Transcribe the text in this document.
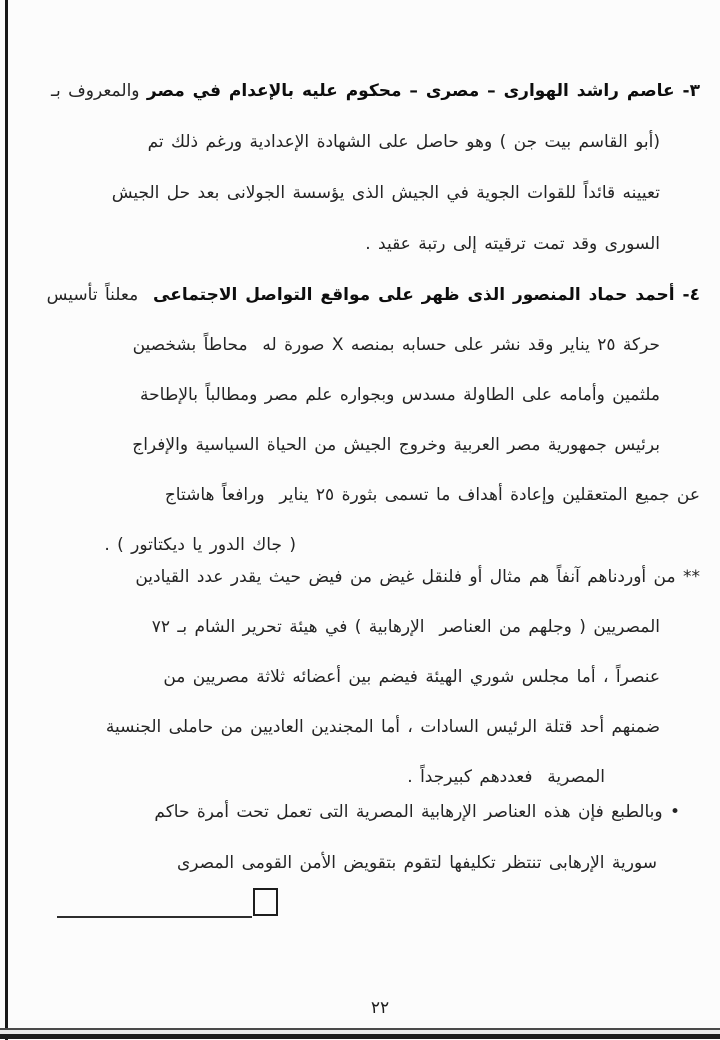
٣- عاصم راشد الهوارى – مصرى – محكوم عليه بالإعدام في مصر والمعروف بـ
(أبو القاسم بيت جن ) وهو حاصل على الشهادة الإعدادية ورغم ذلك تم
تعيينه قائداً للقوات الجوية في الجيش الذى يؤسسة الجولانى بعد حل الجيش
السورى وقد تمت ترقيته إلى رتبة عقيد .
٤- أحمد حماد المنصور الذى ظهر على مواقع التواصل الاجتماعى  معلناً تأسيس
حركة ٢٥ يناير وقد نشر على حسابه بمنصه X صورة له  محاطاً بشخصين
ملثمين وأمامه على الطاولة مسدس وبجواره علم مصر ومطالباً بالإطاحة
برئيس جمهورية مصر العربية وخروج الجيش من الحياة السياسية والإفراج
عن جميع المتعقلين وإعادة أهداف ما تسمى بثورة ٢٥ يناير  ورافعاً هاشتاج
( جاك الدور يا ديكتاتور ) .
** من أوردناهم آنفاً هم مثال أو فلنقل غيض من فيض حيث يقدر عدد القيادين
المصريين ( وجلهم من العناصر  الإرهابية ) في هيئة تحرير الشام بـ ٧٢
عنصراً ، أما مجلس شوري الهيئة فيضم بين أعضائه ثلاثة مصريين من
ضمنهم أحد قتلة الرئيس السادات ، أما المجندين العاديين من حاملى الجنسية
المصرية  فعددهم كبيرجداً .
• وبالطبع فإن هذه العناصر الإرهابية المصرية التى تعمل تحت أمرة حاكم
سورية الإرهابى تنتظر تكليفها لتقوم بتقويض الأمن القومى المصرى
٢٢
